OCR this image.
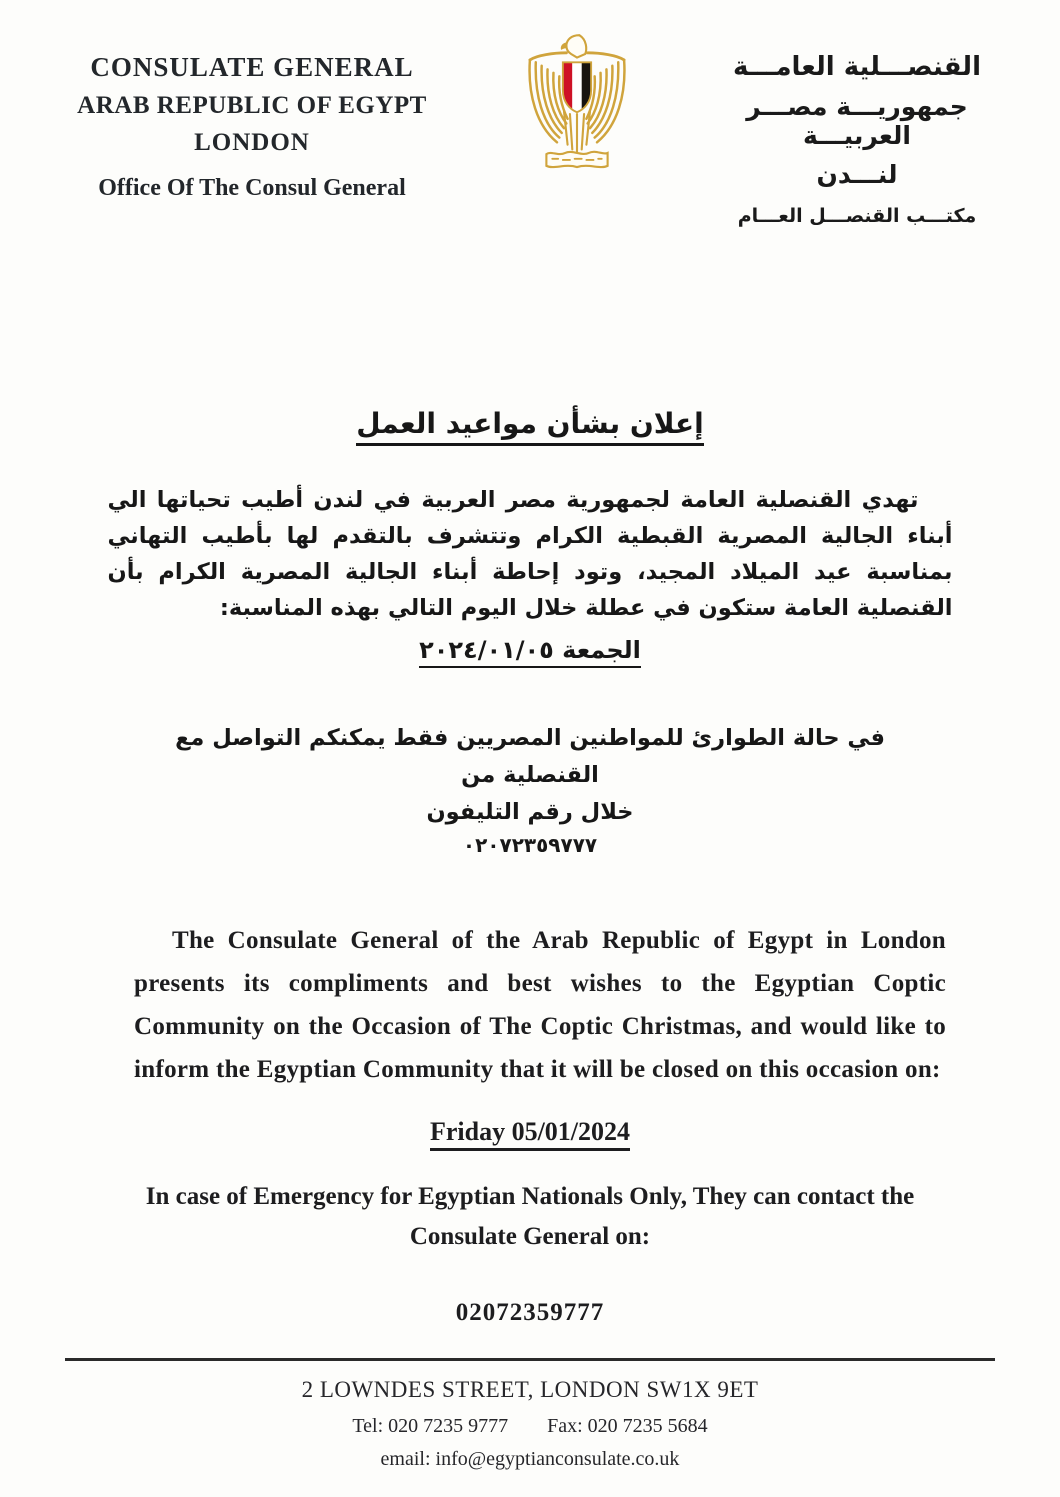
CONSULATE GENERAL
ARAB REPUBLIC OF EGYPT
LONDON
Office Of The Consul General
القنصـــلية العامـــة
جمهوريـــة مصـــر العربيـــة
لنـــدن
مكتـــب القنصـــل العـــام
إعلان بشأن مواعيد العمل

تهدي القنصلية العامة لجمهورية مصر العربية في لندن أطيب تحياتها الي أبناء الجالية المصرية القبطية الكرام وتتشرف بالتقدم لها بأطيب التهاني بمناسبة عيد الميلاد المجيد، وتود إحاطة أبناء الجالية المصرية الكرام بأن القنصلية العامة ستكون في عطلة خلال اليوم التالي بهذه المناسبة:

الجمعة ٢٠٢٤/٠١/٠٥
في حالة الطوارئ للمواطنين المصريين فقط يمكنكم التواصل مع القنصلية من
خلال رقم التليفون
٠٢٠٧٢٣٥٩٧٧٧

The Consulate General of the Arab Republic of Egypt in London presents its compliments and best wishes to the Egyptian Coptic Community on the Occasion of The Coptic Christmas, and would like to inform the Egyptian Community that it will be closed on this occasion on:

Friday 05/01/2024

In case of Emergency for Egyptian Nationals Only, They can contact the Consulate General on:

02072359777
2 LOWNDES STREET, LONDON SW1X 9ET
Tel: 020 7235 9777 Fax: 020 7235 5684
email: info@egyptianconsulate.co.uk
